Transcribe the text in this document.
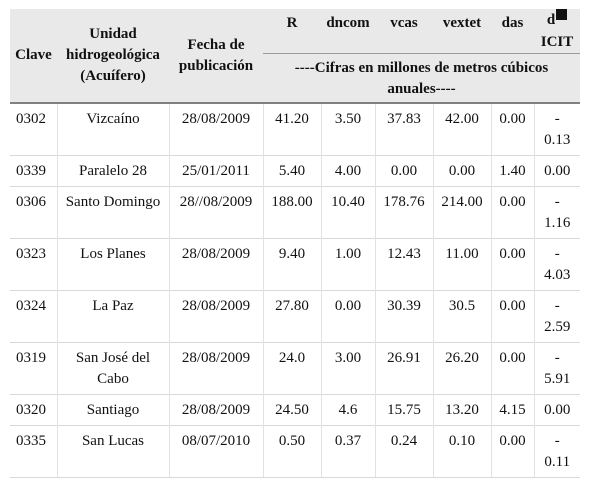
Clave	Unidad hidrogeológica (Acuífero)	Fecha de publicación	R	dncom	vcas	vextet	das	d
ICIT
			----Cifras en millones de metros cúbicos anuales----					
0302	Vizcaíno	28/08/2009	41.20	3.50	37.83	42.00	0.00	-
0.13
0339	Paralelo 28	25/01/2011	5.40	4.00	0.00	0.00	1.40	0.00
0306	Santo Domingo	28//08/2009	188.00	10.40	178.76	214.00	0.00	-
1.16
0323	Los Planes	28/08/2009	9.40	1.00	12.43	11.00	0.00	-
4.03
0324	La Paz	28/08/2009	27.80	0.00	30.39	30.5	0.00	-
2.59
0319	San José del Cabo	28/08/2009	24.0	3.00	26.91	26.20	0.00	-
5.91
0320	Santiago	28/08/2009	24.50	4.6	15.75	13.20	4.15	0.00
0335	San Lucas	08/07/2010	0.50	0.37	0.24	0.10	0.00	-
0.11
